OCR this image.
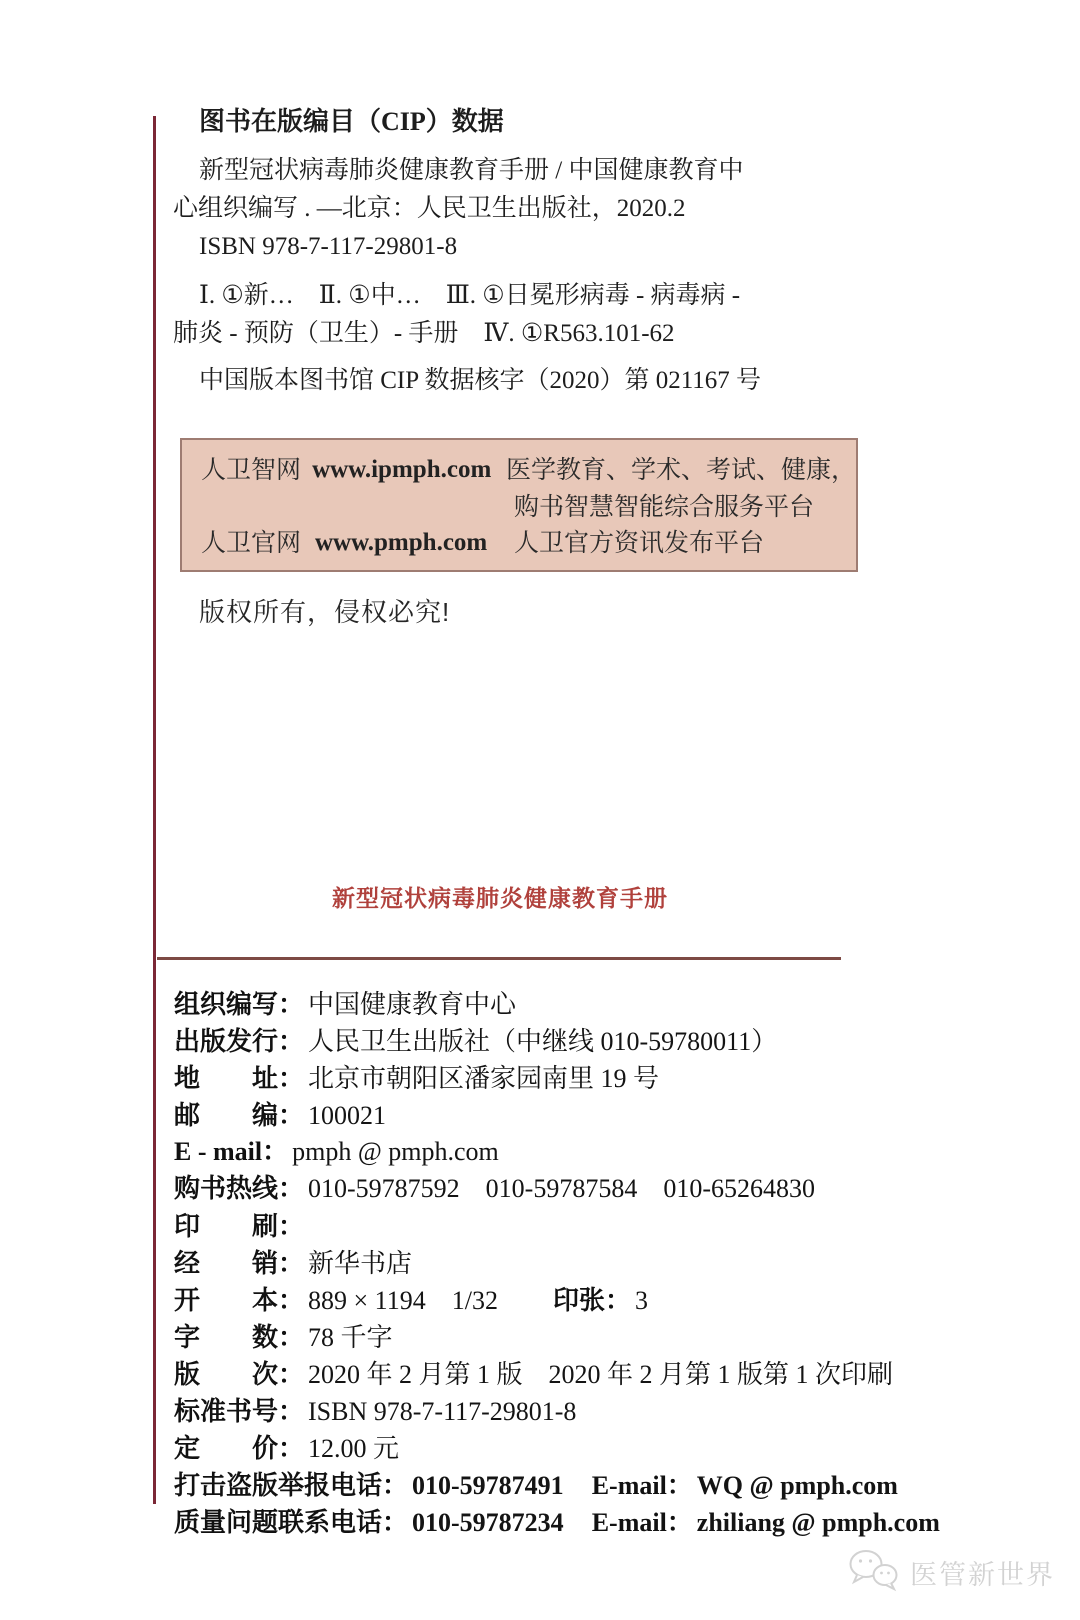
图书在版编目（CIP）数据
新型冠状病毒肺炎健康教育手册 / 中国健康教育中
心组织编写 . —北京：人民卫生出版社，2020.2
ISBN 978-7-117-29801-8
Ⅰ. ①新…　Ⅱ. ①中…　Ⅲ. ①日冕形病毒 - 病毒病 -
肺炎 - 预防（卫生）- 手册　Ⅳ. ①R563.101-62
中国版本图书馆 CIP 数据核字（2020）第 021167 号
人卫智网 www.ipmph.com 医学教育、学术、考试、健康，
购书智慧智能综合服务平台
人卫官网 www.pmph.com	人卫官方资讯发布平台
版权所有，侵权必究!
新型冠状病毒肺炎健康教育手册
组织编写： 中国健康教育中心
出版发行： 人民卫生出版社（中继线 010-59780011）
地　　址： 北京市朝阳区潘家园南里 19 号
邮　　编： 100021
E - mail： pmph @ pmph.com
购书热线： 010-59787592　010-59787584　010-65264830
印　　刷：
经　　销： 新华书店
开　　本： 889 × 1194　1/32 印张： 3
字　　数： 78 千字
版　　次： 2020 年 2 月第 1 版　2020 年 2 月第 1 版第 1 次印刷
标准书号： ISBN 978-7-117-29801-8
定　　价： 12.00 元
打击盗版举报电话： 010-59787491 E-mail： WQ @ pmph.com
质量问题联系电话： 010-59787234 E-mail： zhiliang @ pmph.com
医管新世界
